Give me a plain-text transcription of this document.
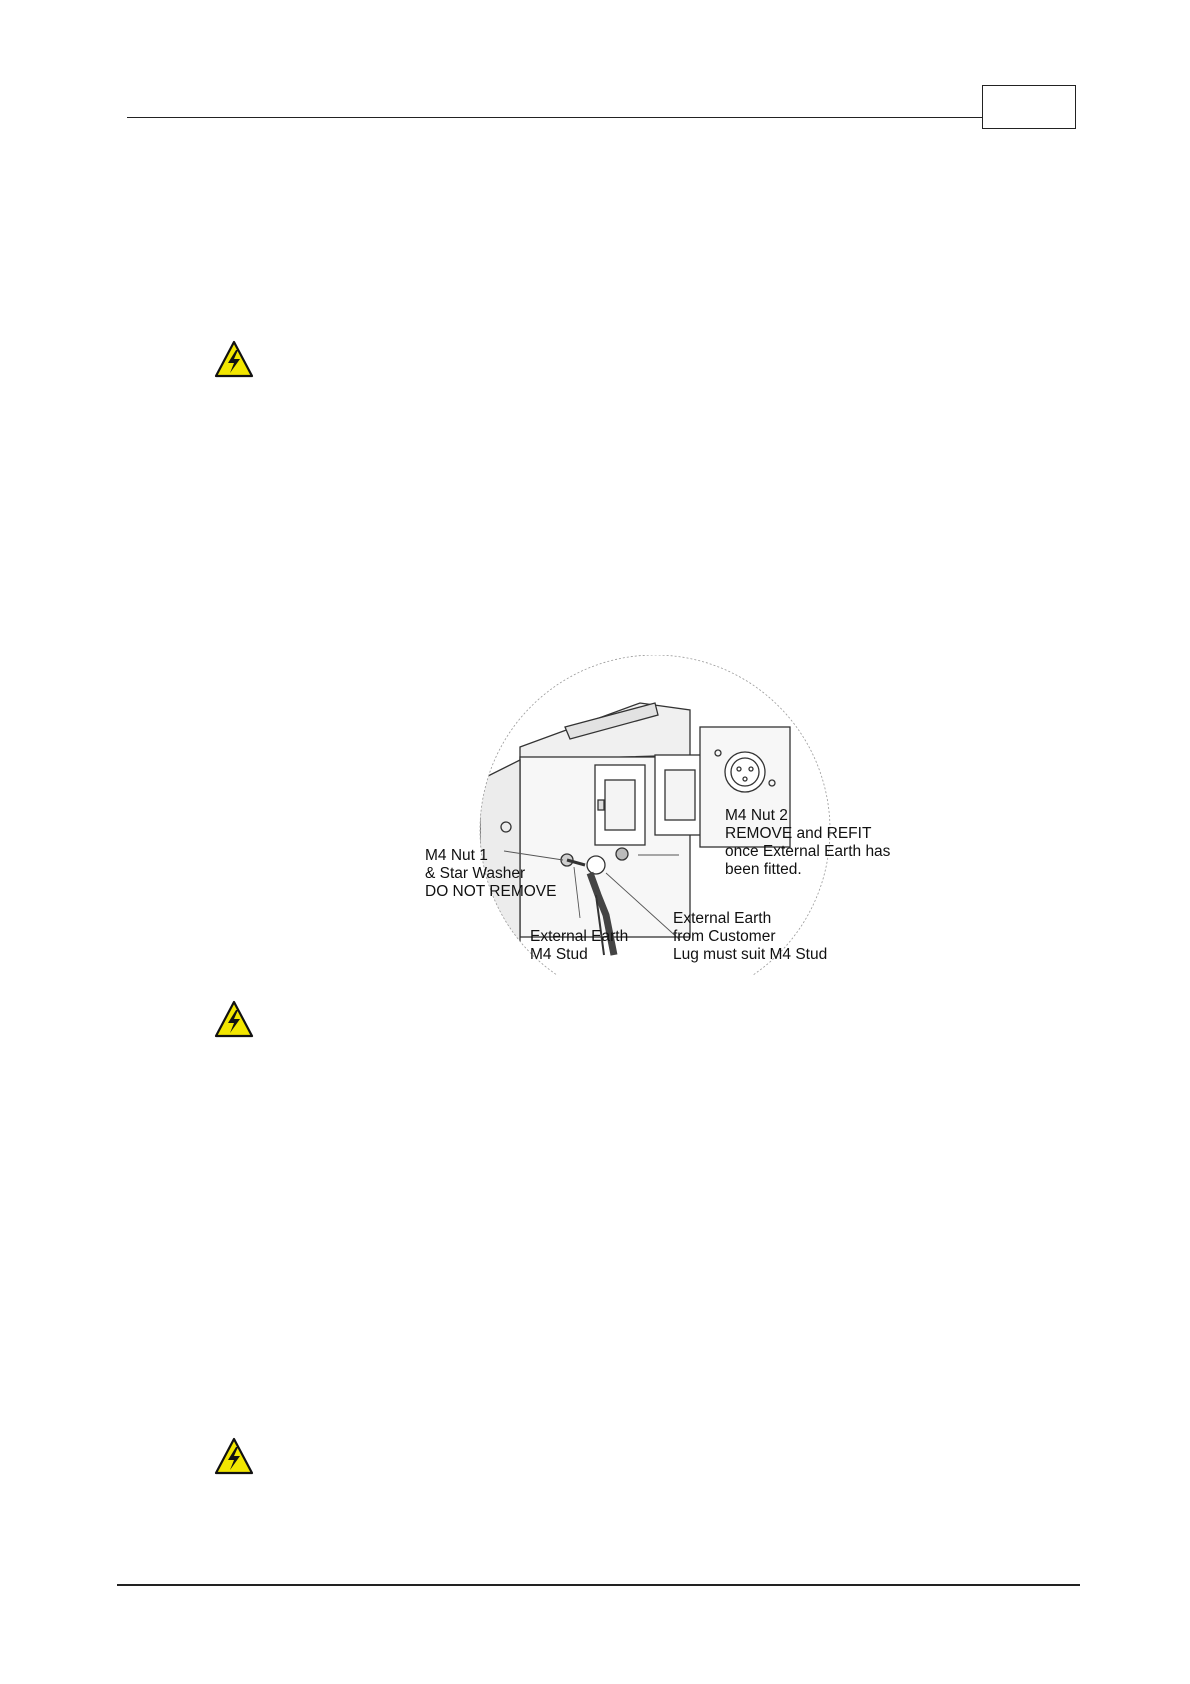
M4 Nut 1
& Star Washer
DO NOT REMOVE
M4 Nut 2
REMOVE and REFIT
once External Earth has
been fitted.
External Earth
M4 Stud
External Earth
from Customer
Lug must suit M4 Stud
